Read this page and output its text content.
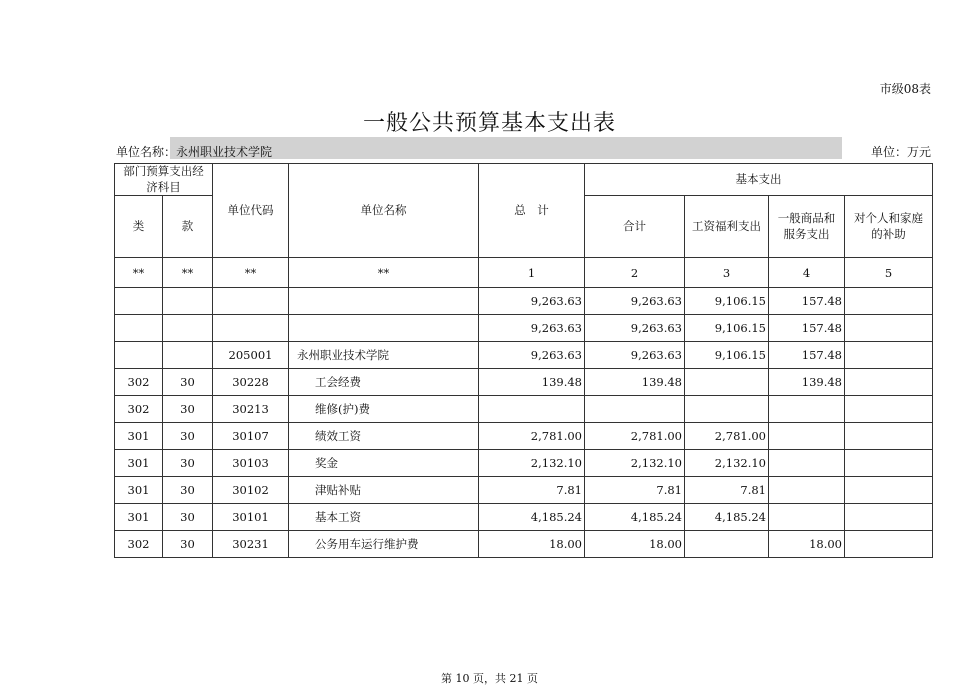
市级08表
一般公共预算基本支出表
单位名称：永州职业技术学院	单位：万元
部门预算支出经济科目		单位代码	单位名称	总　计	基本支出			
类	款				合计	工资福利支出	一般商品和服务支出	对个人和家庭的补助
**	**	**	**	1	2	3	4	5
				9,263.63	9,263.63	9,106.15	157.48	
				9,263.63	9,263.63	9,106.15	157.48	
		205001	永州职业技术学院	9,263.63	9,263.63	9,106.15	157.48	
302	30	30228	工会经费	139.48	139.48		139.48	
302	30	30213	维修(护)费					
301	30	30107	绩效工资	2,781.00	2,781.00	2,781.00		
301	30	30103	奖金	2,132.10	2,132.10	2,132.10		
301	30	30102	津贴补贴	7.81	7.81	7.81		
301	30	30101	基本工资	4,185.24	4,185.24	4,185.24		
302	30	30231	公务用车运行维护费	18.00	18.00		18.00	
第 10 页，共 21 页
